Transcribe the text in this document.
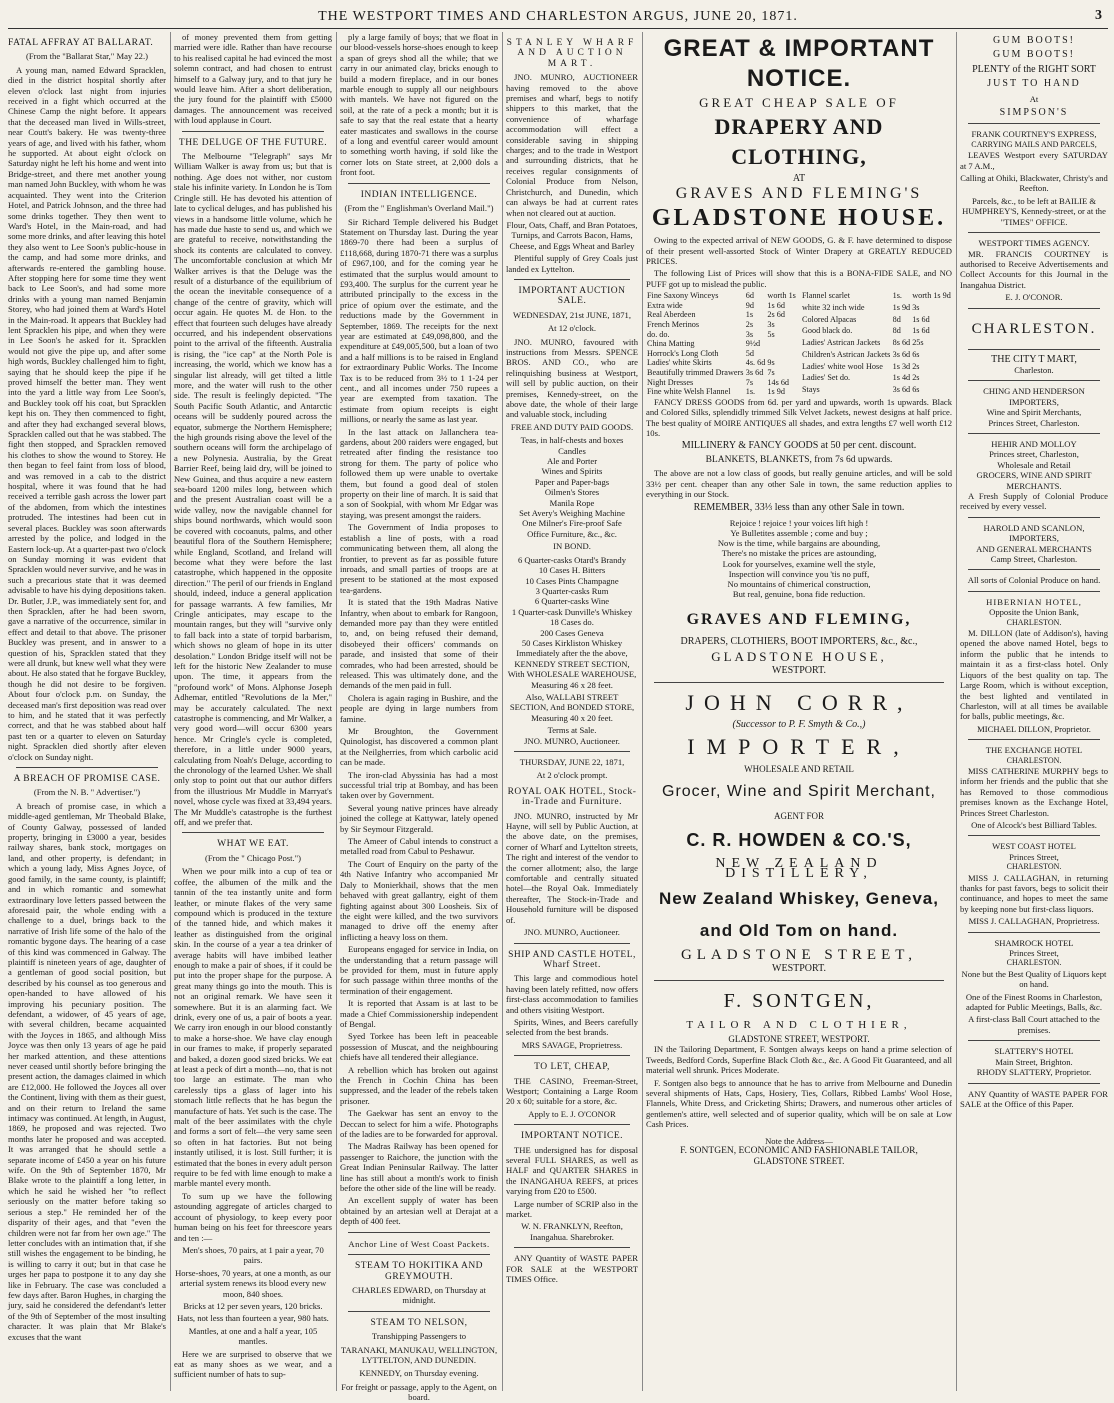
THE WESTPORT TIMES AND CHARLESTON ARGUS, JUNE 20, 1871.	3
FATAL AFFRAY AT BALLARAT.
(From the "Ballarat Star," May 22.)

A young man, named Edward Spracklen, died in the district hospital shortly after eleven o'clock last night from injuries received in a fight which occurred at the Chinese Camp the night before. It appears that the deceased man lived in Wills-street, near Coutt's bakery. He was twenty-three years of age, and lived with his father, whom he supported. At about eight o'clock on Saturday night he left his home and went into Bridge-street, and there met another young man named John Buckley, with whom he was acquainted. They went into the Criterion Hotel, and Patrick Johnson, and the three had some drinks together. They then went to Ward's Hotel, in the Main-road, and had some more drinks, and after leaving this hotel they also went to Lee Soon's public-house in the camp, and had some more drinks, and afterwards re-entered the gambling house. After stopping here for some time they went back to Lee Soon's, and had some more drinks with a young man named Benjamin Storey, who had joined them at Ward's Hotel in the Main-road. It appears that Buckley had lent Spracklen his pipe, and when they were in Lee Soon's he asked for it. Spracklen would not give the pipe up, and after some high words, Buckley challenged him to fight, saying that he should keep the pipe if he proved himself the better man. They went into the yard a little way from Lee Soon's, and Buckley took off his coat, but Spracklen kept his on. They then commenced to fight, and after they had exchanged several blows, Spracklen called out that he was stabbed. The fight then stopped, and Spracklen removed his clothes to show the wound to Storey. He then began to feel faint from loss of blood, and was removed in a cab to the district hospital, where it was found that he had received a terrible gash across the lower part of the abdomen, from which the intestines protruded. The intestines had been cut in several places. Buckley was soon afterwards arrested by the police, and lodged in the Eastern lock-up. At a quarter-past two o'clock on Sunday morning it was evident that Spracklen would never survive, and he was in such a precarious state that it was deemed advisable to have his dying depositions taken. Dr. Butler, J.P., was immediately sent for, and then Spracklen, after he had been sworn, gave a narrative of the occurrence, similar in effect and detail to that above. The prisoner Buckley was present, and in answer to a question of his, Spracklen stated that they were all drunk, but knew well what they were about. He also stated that he forgave Buckley, though he did not desire to be forgiven. About four o'clock p.m. on Sunday, the deceased man's first deposition was read over to him, and he stated that it was perfectly correct, and that he was stabbed about half past ten or a quarter to eleven on Saturday night. Spracklen died shortly after eleven o'clock on Sunday night.

A BREACH OF PROMISE CASE.
(From the N. B. " Advertiser.")

A breach of promise case, in which a middle-aged gentleman, Mr Theobald Blake, of County Galway, possessed of landed property, bringing in £3000 a year, besides railway shares, bank stock, mortgages on land, and other property, is defendant; in which a young lady, Miss Agnes Joyce, of good family, in the same county, is plaintiff; and in which romantic and somewhat extraordinary love letters passed between the aforesaid pair, the whole ending with a challenge to a duel, brings back to the narrative of Irish life some of the halo of the romantic bygone days. The hearing of a case of this kind was commenced in Galway. The plaintiff is nineteen years of age, daughter of a gentleman of good social position, but described by his counsel as too generous and open-handed to have allowed of his improving his pecuniary position. The defendant, a widower, of 45 years of age, with several children, became acquainted with the Joyces in 1865, and although Miss Joyce was then only 13 years of age he paid her marked attention, and these attentions never ceased until shortly before bringing the present action, the damages claimed in which are £12,000. He followed the Joyces all over the Continent, living with them as their guest, and on their return to Ireland the same intimacy was continued. At length, in August, 1869, he proposed and was rejected. Two months later he proposed and was accepted. It was arranged that he should settle a separate income of £450 a year on his future wife. On the 9th of September 1870, Mr Blake wrote to the plaintiff a long letter, in which he said he wished her "to reflect seriously on the matter before taking so serious a step." He reminded her of the disparity of their ages, and that "even the children were not far from her own age." The letter concludes with an intimation that, if she still wishes the engagement to be binding, he is willing to carry it out; but in that case he urges her papa to postpone it to any day she like in February. The case was concluded a few days after. Baron Hughes, in charging the jury, said he considered the defendant's letter of the 9th of September of the most insulting character. It was plain that Mr Blake's excuses that the want

of money prevented them from getting married were idle. Rather than have recourse to his realised capital he had evinced the most solemn contract, and had chosen to entrust himself to a Galway jury, and to that jury he would leave him. After a short deliberation, the jury found for the plaintiff with £5000 damages. The announcement was received with loud applause in Court.

THE DELUGE OF THE FUTURE.

The Melbourne "Telegraph" says Mr William Walker is away from us; but that is nothing. Age does not wither, nor custom stale his infinite variety. In London he is Tom Cringle still. He has devoted his attention of late to cyclical deluges, and has published his views in a handsome little volume, which he has made due haste to send us, and which we are grateful to receive, notwithstanding the shock its contents are calculated to convey. The uncomfortable conclusion at which Mr Walker arrives is that the Deluge was the result of a disturbance of the equilibrium of the ocean the inevitable consequence of a change of the centre of gravity, which will occur again. He quotes M. de Hon. to the effect that fourteen such deluges have already occurred, and his independent observations point to the arrival of the fifteenth. Australia is rising, the "ice cap" at the North Pole is increasing, the world, which we know has a singular list already, will get tilted a little more, and the water will rush to the other side. The result is feelingly depicted. "The South Pacific South Atlantic, and Antarctic oceans will be suddenly poured across the equator, submerge the Northern Hemisphere; the high grounds rising above the level of the southern oceans will form the archipelago of a new Polynesia. Australia, by the Great Barrier Reef, being laid dry, will be joined to New Guinea, and thus acquire a new eastern sea-board 1200 miles long, between which and the present Australian coast will be a wide valley, now the navigable channel for ships bound northwards, which would soon be covered with cocoanuts, palms, and other beautiful flora of the Southern Hemisphere; while England, Scotland, and Ireland will become what they were before the last catastrophe, which happened in the opposite direction." The peril of our friends in England should, indeed, induce a general application for passage warrants. A few families, Mr Cringle anticipates, may escape to the mountain ranges, but they will "survive only to fall back into a state of torpid barbarism, which shows no gleam of hope in its utter desolation." London Bridge itself will not be left for the historic New Zealander to muse upon. The time, it appears from the "profound work" of Mons. Alphonse Joseph Adhemar, entitled "Revolutions de la Mer," may be accurately calculated. The next catastrophe is commencing, and Mr Walker, a very good word—will occur 6300 years hence. Mr Cringle's cycle is completed, therefore, in a little under 9000 years, calculating from Noah's Deluge, according to the chronology of the learned Usher. We shall only stop to point out that our author differs from the illustrious Mr Muddle in Marryat's novel, whose cycle was fixed at 33,494 years. The Mr Muddle's catastrophe is the furthest off, and we prefer that.

WHAT WE EAT.
(From the " Chicago Post.")

When we pour milk into a cup of tea or coffee, the albumen of the milk and the tannin of the tea instantly unite and form leather, or minute flakes of the very same compound which is produced in the texture of the tanned hide, and which makes it leather as distinguished from the original skin. In the course of a year a tea drinker of average habits will have imbibed leather enough to make a pair of shoes, if it could be put into the proper shape for the purpose. A great many things go into the mouth. This is not an original remark. We have seen it somewhere. But it is an alarming fact. We drink, every one of us, a pair of boots a year. We carry iron enough in our blood constantly to make a horse-shoe. We have clay enough in our frames to make, if properly separated and baked, a dozen good sized bricks. We eat at least a peck of dirt a month—no, that is not too large an estimate. The man who carelessly tips a glass of lager into his stomach little reflects that he has begun the manufacture of hats. Yet such is the case. The malt of the beer assimilates with the chyle and forms a sort of felt—the very same seen so often in hat factories. But not being instantly utilised, it is lost. Still further; it is estimated that the bones in every adult person require to be fed with lime enough to make a marble mantel every month.

To sum up we have the following astounding aggregate of articles charged to account of physiology, to keep every poor human being on his feet for threescore years and ten :—

Men's shoes, 70 pairs, at 1 pair a year, 70 pairs.

Horse-shoes, 70 years, at one a month, as our arterial system renews its blood every new moon, 840 shoes.

Bricks at 12 per seven years, 120 bricks.

Hats, not less than fourteen a year, 980 hats.

Mantles, at one and a half a year, 105 mantles.

Here we are surprised to observe that we eat as many shoes as we wear, and a sufficient number of hats to sup-

ply a large family of boys; that we float in our blood-vessels horse-shoes enough to keep a span of greys shod all the while; that we carry in our animated clay, bricks enough to build a modern fireplace, and in our bones marble enough to supply all our neighbours with mantels. We have not figured on the soil, at the rate of a peck a month; but it is safe to say that the real estate that a hearty eater masticates and swallows in the course of a long and eventful career would amount to something worth having, if sold like the corner lots on State street, at 2,000 dols a front foot.

INDIAN INTELLIGENCE.
(From the " Englishman's Overland Mail.")

Sir Richard Temple delivered his Budget Statement on Thursday last. During the year 1869-70 there had been a surplus of £118,668, during 1870-71 there was a surplus of £967,100, and for the coming year he estimated that the surplus would amount to £93,400. The surplus for the current year he attributed principally to the excess in the price of opium over the estimate, and the reductions made by the Government in September, 1869. The receipts for the next year are estimated at £49,098,800, and the expenditure at £49,005,500, but a loan of two and a half millions is to be raised in England for extraordinary Public Works. The Income Tax is to be reduced from 3½ to 1 1-24 per cent., and all incomes under 750 rupees a year are exempted from taxation. The estimate from opium receipts is eight millions, or nearly the same as last year.

In the last attack on Jallanchera tea-gardens, about 200 raiders were engaged, but retreated after finding the resistance too strong for them. The party of police who followed them up were unable to overtake them, but found a good deal of stolen property on their line of march. It is said that a son of Sookpial, with whom Mr Edgar was staying, was present amongst the raiders.

The Government of India proposes to establish a line of posts, with a road communicating between them, all along the frontier, to prevent as far as possible future inroads, and small parties of troops are at present to be stationed at the most exposed tea-gardens.

It is stated that the 19th Madras Native Infantry, when about to embark for Rangoon, demanded more pay than they were entitled to, and, on being refused their demand, disobeyed their officers' commands on parade, and insisted that some of their comrades, who had been arrested, should be released. This was ultimately done, and the demands of the men paid in full.

Cholera is again raging in Bushire, and the people are dying in large numbers from famine.

Mr Broughton, the Government Quinologist, has discovered a common plant at the Neilgherries, from which carbolic acid can be made.

The iron-clad Abyssinia has had a most successful trial trip at Bombay, and has been taken over by Government.

Several young native princes have already joined the college at Kattywar, lately opened by Sir Seymour Fitzgerald.

The Ameer of Cabul intends to construct a metalled road from Cabul to Peshawur.

The Court of Enquiry on the party of the 4th Native Infantry who accompanied Mr Daly to Monierkhail, shows that the men behaved with great gallantry, eight of them fighting against about 300 Loosheis. Six of the eight were killed, and the two survivors managed to drive off the enemy after inflicting a heavy loss on them.

Europeans engaged for service in India, on the understanding that a return passage will be provided for them, must in future apply for such passage within three months of the termination of their engagement.

It is reported that Assam is at last to be made a Chief Commissionership independent of Bengal.

Syed Torkee has been left in peaceable possession of Muscat, and the neighbouring chiefs have all tendered their allegiance.

A rebellion which has broken out against the French in Cochin China has been suppressed, and the leader of the rebels taken prisoner.

The Gaekwar has sent an envoy to the Deccan to select for him a wife. Photographs of the ladies are to be forwarded for approval.

The Madras Railway has been opened for passenger to Raichore, the junction with the Great Indian Peninsular Railway. The latter line has still about a month's work to finish before the other side of the line will be ready.

An excellent supply of water has been obtained by an artesian well at Derajat at a depth of 400 feet.

Anchor Line of West Coast Packets.
STEAM TO HOKITIKA AND GREYMOUTH.
CHARLES EDWARD, on Thursday at midnight.
STEAM TO NELSON,
Transhipping Passengers to
TARANAKI, MANUKAU, WELLINGTON, LYTTELTON, AND DUNEDIN.
KENNEDY, on Thursday evening.
For freight or passage, apply to the Agent, on board.
STANLEY WHARF AND AUCTION MART.

JNO. MUNRO, AUCTIONEER having removed to the above premises and wharf, begs to notify shippers to this market, that the convenience of wharfage accommodation will effect a considerable saving in shipping charges; and to the trade in Westport and surrounding districts, that he receives regular consignments of Colonial Produce from Nelson, Christchurch, and Dunedin, which can always be had at current rates when not cleared out at auction.

Flour, Oats, Chaff, and Bran Potatoes, Turnips, and Carrots Bacon, Hams, Cheese, and Eggs Wheat and Barley

Plentiful supply of Grey Coals just landed ex Lyttelton.

IMPORTANT AUCTION SALE.
WEDNESDAY, 21st JUNE, 1871,
At 12 o'clock.

JNO. MUNRO, favoured with instructions from Messrs. SPENCE BROS. AND CO., who are relinquishing business at Westport, will sell by public auction, on their premises, Kennedy-street, on the above date, the whole of their large and valuable stock, including

FREE AND DUTY PAID GOODS.
Teas, in half-chests and boxes
Candles
Ale and Porter
Wines and Spirits
Paper and Paper-bags
Oilmen's Stores
Manila Rope
Set Avery's Weighing Machine
One Milner's Fire-proof Safe
Office Furniture, &c., &c.
IN BOND.
6 Quarter-casks Otard's Brandy
10 Cases H. Bitters
10 Cases Pints Champagne
3 Quarter-casks Rum
6 Quarter-casks Wine
1 Quarter-cask Dunville's Whiskey
18 Cases do.
200 Cases Geneva
50 Cases Kirkliston Whiskey

Immediately after the the above, KENNEDY STREET SECTION, With WHOLESALE WAREHOUSE, Measuring 46 x 28 feet.

Also, WALLABI STREET SECTION, And BONDED STORE, Measuring 40 x 20 feet.

Terms at Sale.
JNO. MUNRO, Auctioneer.
THURSDAY, JUNE 22, 1871,
At 2 o'clock prompt.
ROYAL OAK HOTEL, Stock-in-Trade and Furniture.

JNO. MUNRO, instructed by Mr Hayne, will sell by Public Auction, at the above date, on the premises, corner of Wharf and Lyttelton streets, The right and interest of the vendor to the corner allotment; also, the large comfortable and centrally situated hotel—the Royal Oak. Immediately thereafter, The Stock-in-Trade and Household furniture will be disposed of.

JNO. MUNRO, Auctioneer.
SHIP AND CASTLE HOTEL, Wharf Street.

This large and commodious hotel having been lately refitted, now offers first-class accommodation to families and others visiting Westport.

Spirits, Wines, and Beers carefully selected from the best brands.

MRS SAVAGE, Proprietress.
TO LET, CHEAP,

THE CASINO, Freeman-Street, Westport; Containing a Large Room 20 x 60; suitable for a store, &c.

Apply to E. J. O'CONOR
IMPORTANT NOTICE.

THE undersigned has for disposal several FULL SHARES, as well as HALF and QUARTER SHARES in the INANGAHUA REEFS, at prices varying from £20 to £500.

Large number of SCRIP also in the market.

W. N. FRANKLYN, Reefton, Inangahua. Sharebroker.

ANY Quantity of WASTE PAPER FOR SALE at the WESTPORT TIMES Office.

GREAT & IMPORTANT NOTICE.
GREAT CHEAP SALE OF
DRAPERY AND CLOTHING,
AT
GRAVES AND FLEMING'S
GLADSTONE HOUSE.

Owing to the expected arrival of NEW GOODS, G. & F. have determined to dispose of their present well-assorted Stock of Winter Drapery at GREATLY REDUCED PRICES.

The following List of Prices will show that this is a BONA-FIDE SALE, and NO PUFF got up to mislead the public.

Fine Saxony Winceys	6d	worth 1s
Extra wide	9d	1s 6d
Real Aberdeen	1s	2s 6d
French Merinos	2s	3s
do. do.	3s	5s
China Matting	9½d	
Horrock's Long Cloth	5d	
Ladies' white Skirts	4s. 6d	9s
Beautifully trimmed Drawers	3s 6d	7s
Night Dresses	7s	14s 6d
Fine white Welsh Flannel	1s.	1s 9d
Flannel scarlet	1s.	worth 1s 9d
white 32 inch wide	1s 9d	3s
Colored Alpacas	8d	1s 6d
Good black do.	8d	1s 6d
Ladies' Astrican Jackets	8s 6d	25s
Children's Astrican Jackets	3s 6d	6s
Ladies' white wool Hose	1s 3d	2s
Ladies' Set do.	1s 4d	2s
Stays	3s 6d	6s

FANCY DRESS GOODS from 6d. per yard and upwards, worth 1s upwards. Black and Colored Silks, splendidly trimmed Silk Velvet Jackets, newest designs at half price. The best quality of MOIRE ANTIQUES all shades, and extra lengths £7 well worth £12 10s.

MILLINERY & FANCY GOODS at 50 per cent. discount.
BLANKETS, BLANKETS, from 7s 6d upwards.

The above are not a low class of goods, but really genuine articles, and will be sold 33½ per cent. cheaper than any other Sale in town, the same reduction applies to everything in our Stock.

REMEMBER, 33⅓ less than any other Sale in town.
Rejoice ! rejoice ! your voices lift high !
Ye Bulletites assemble ; come and buy ;
Now is the time, while bargains are abounding,
There's no mistake the prices are astounding,
Look for yourselves, examine well the style,
Inspection will convince you 'tis no puff,
No mountains of chimerical construction,
But real, genuine, bona fide reduction.
GRAVES AND FLEMING,
DRAPERS, CLOTHIERS, BOOT IMPORTERS, &c., &c.,
GLADSTONE HOUSE,
WESTPORT.
JOHN CORR,
(Successor to P. F. Smyth & Co.,)
IMPORTER,
WHOLESALE AND RETAIL
Grocer, Wine and Spirit Merchant,
AGENT FOR
C. R. HOWDEN & CO.'S,
NEW ZEALAND DISTILLERY,
New Zealand Whiskey, Geneva,
and Old Tom on hand.
GLADSTONE STREET,
WESTPORT.
F. SONTGEN,
TAILOR AND CLOTHIER,
GLADSTONE STREET, WESTPORT.

IN the Tailoring Department, F. Sontgen always keeps on hand a prime selection of Tweeds, Bedford Cords, Superfine Black Cloth &c., &c. A Good Fit Guaranteed, and all material well shrunk. Prices Moderate.

F. Sontgen also begs to announce that he has to arrive from Melbourne and Dunedin several shipments of Hats, Caps, Hosiery, Ties, Collars, Ribbed Lambs' Wool Hose, Flannels, White Dress, and Cricketing Shirts; Drawers, and numerous other articles of gentlemen's attire, well selected and of superior quality, which will be on sale at Low Cash Prices.

Note the Address—
F. SONTGEN, ECONOMIC AND FASHIONABLE TAILOR,
GLADSTONE STREET.
GUM BOOTS!
GUM BOOTS!
PLENTY of the RIGHT SORT
JUST TO HAND
At
SIMPSON'S
FRANK COURTNEY'S EXPRESS,
CARRYING MAILS AND PARCELS,

LEAVES Westport every SATURDAY at 7 A.M.,

Calling at Ohiki, Blackwater, Christy's and Reefton.

Parcels, &c., to be left at BAILIE & HUMPHREY'S, Kennedy-street, or at the "TIMES" OFFICE.

WESTPORT TIMES AGENCY.

MR. FRANCIS COURTNEY is authorised to Receive Advertisements and Collect Accounts for this Journal in the Inangahua District.

E. J. O'CONOR.
CHARLESTON.
THE CITY T MART,
Charleston.
CHING AND HENDERSON IMPORTERS,
Wine and Spirit Merchants,
Princes Street, Charleston.
HEHIR AND MOLLOY
Princes street, Charleston,
Wholesale and Retail
GROCERS, WINE AND SPIRIT MERCHANTS.

A Fresh Supply of Colonial Produce received by every vessel.

HAROLD AND SCANLON,
IMPORTERS,
AND GENERAL MERCHANTS
Camp Street, Charleston.
All sorts of Colonial Produce on hand.
HIBERNIAN HOTEL,
Opposite the Union Bank,
CHARLESTON.

M. DILLON (late of Addison's), having opened the above named Hotel, begs to inform the public that he intends to maintain it as a first-class hotel. Only Liquors of the best quality on tap. The Large Room, which is without exception, the best lighted and ventilated in Charleston, will at all times be available for balls, public meetings, &c.

MICHAEL DILLON, Proprietor.
THE EXCHANGE HOTEL
CHARLESTON.

MISS CATHERINE MURPHY begs to inform her friends and the public that she has Removed to those commodious premises known as the Exchange Hotel, Princes Street Charleston.

One of Alcock's best Billiard Tables.
WEST COAST HOTEL
Princes Street,
CHARLESTON.

MISS J. CALLAGHAN, in returning thanks for past favors, begs to solicit their continuance, and hopes to meet the same by keeping none but first-class liquors.

MISS J. CALLAGHAN, Proprietress.
SHAMROCK HOTEL
Princes Street,
CHARLESTON.

None but the Best Quality of Liquors kept on hand.

One of the Finest Rooms in Charleston, adapted for Public Meetings, Balls, &c.

A first-class Ball Court attached to the premises.

SLATTERY'S HOTEL
Main Street, Brighton.
RHODY SLATTERY, Proprietor.

ANY Quantity of WASTE PAPER FOR SALE at the Office of this Paper.
